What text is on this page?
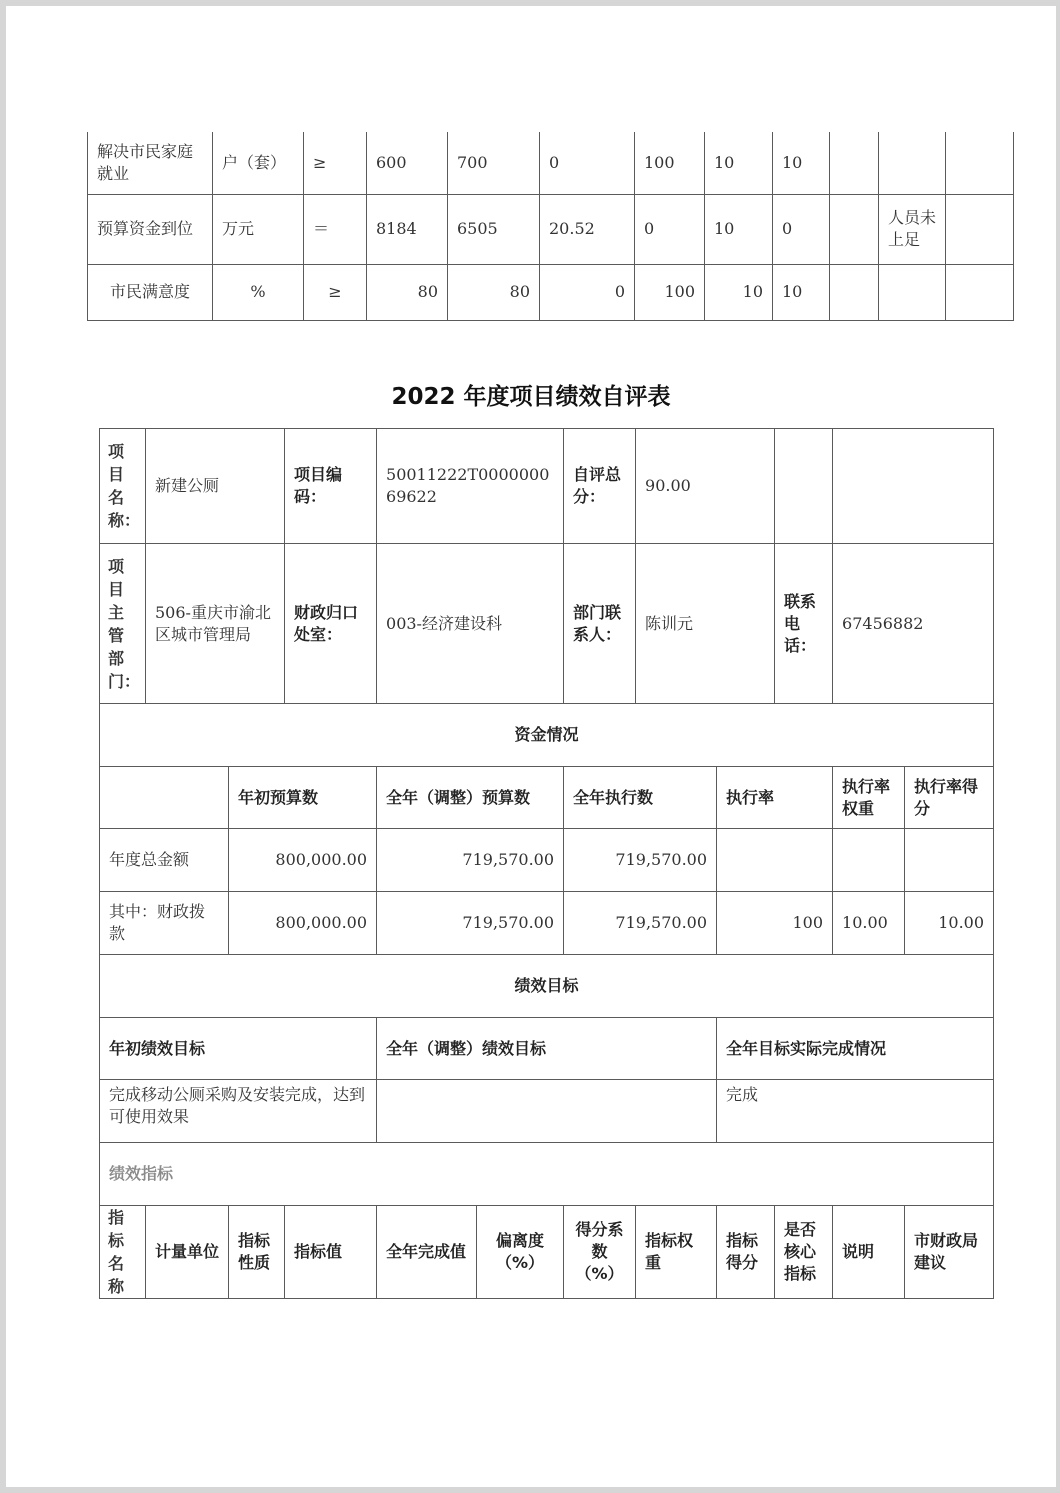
解决市民家庭就业	户（套）	≥	600	700	0	100	10	10			
预算资金到位	万元	＝	8184	6505	20.52	0	10	0		人员未上足	
市民满意度	%	≥	80	80	0	100	10	10			
2022 年度项目绩效自评表
项目名称：	新建公厕		项目编码：	50011222T000000069622		自评总分：	90.00				
项目主管部门：	506-重庆市渝北区城市管理局		财政归口处室：	003-经济建设科		部门联系人：	陈训元		联系电话：	67456882	
资金情况											
		年初预算数		全年（调整）预算数		全年执行数		执行率		执行率权重	执行率得分
年度总金额		800,000.00		719,570.00		719,570.00					
其中：财政拨款		800,000.00		719,570.00		719,570.00		100		10.00	10.00
绩效目标											
年初绩效目标				全年（调整）绩效目标				全年目标实际完成情况			
完成移动公厕采购及安装完成，达到可使用效果								完成			
绩效指标											
指标名称	计量单位	指标性质	指标值	全年完成值	偏离度（%）	得分系数（%）	指标权重	指标得分	是否核心指标	说明	市财政局建议
